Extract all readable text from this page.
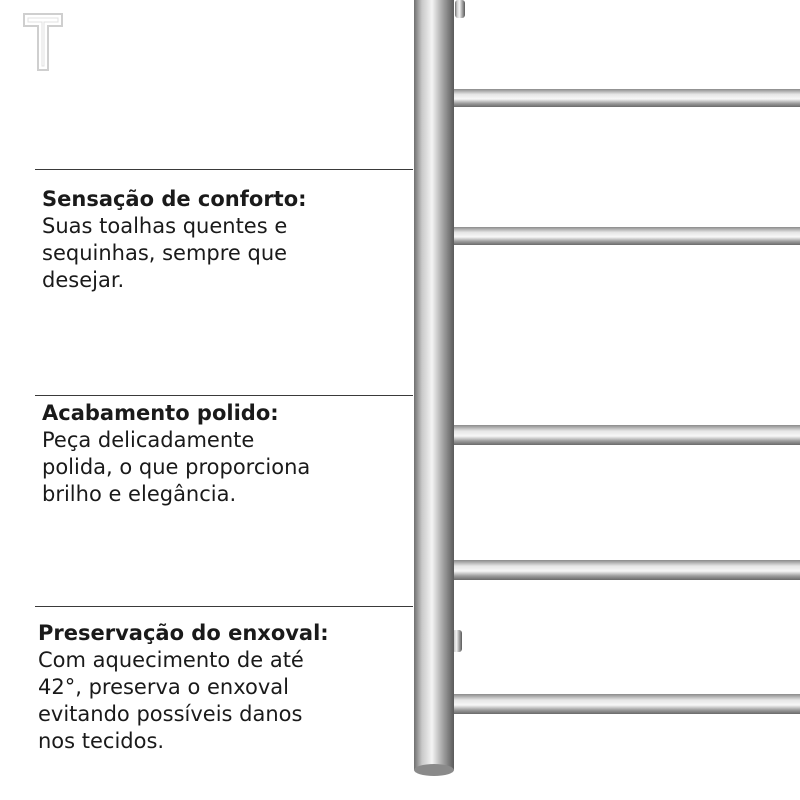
Sensação de conforto:
Suas toalhas quentes e
sequinhas, sempre que
desejar.
Acabamento polido:
Peça delicadamente
polida, o que proporciona
brilho e elegância.
Preservação do enxoval:
Com aquecimento de até
42°, preserva o enxoval
evitando possíveis danos
nos tecidos.
